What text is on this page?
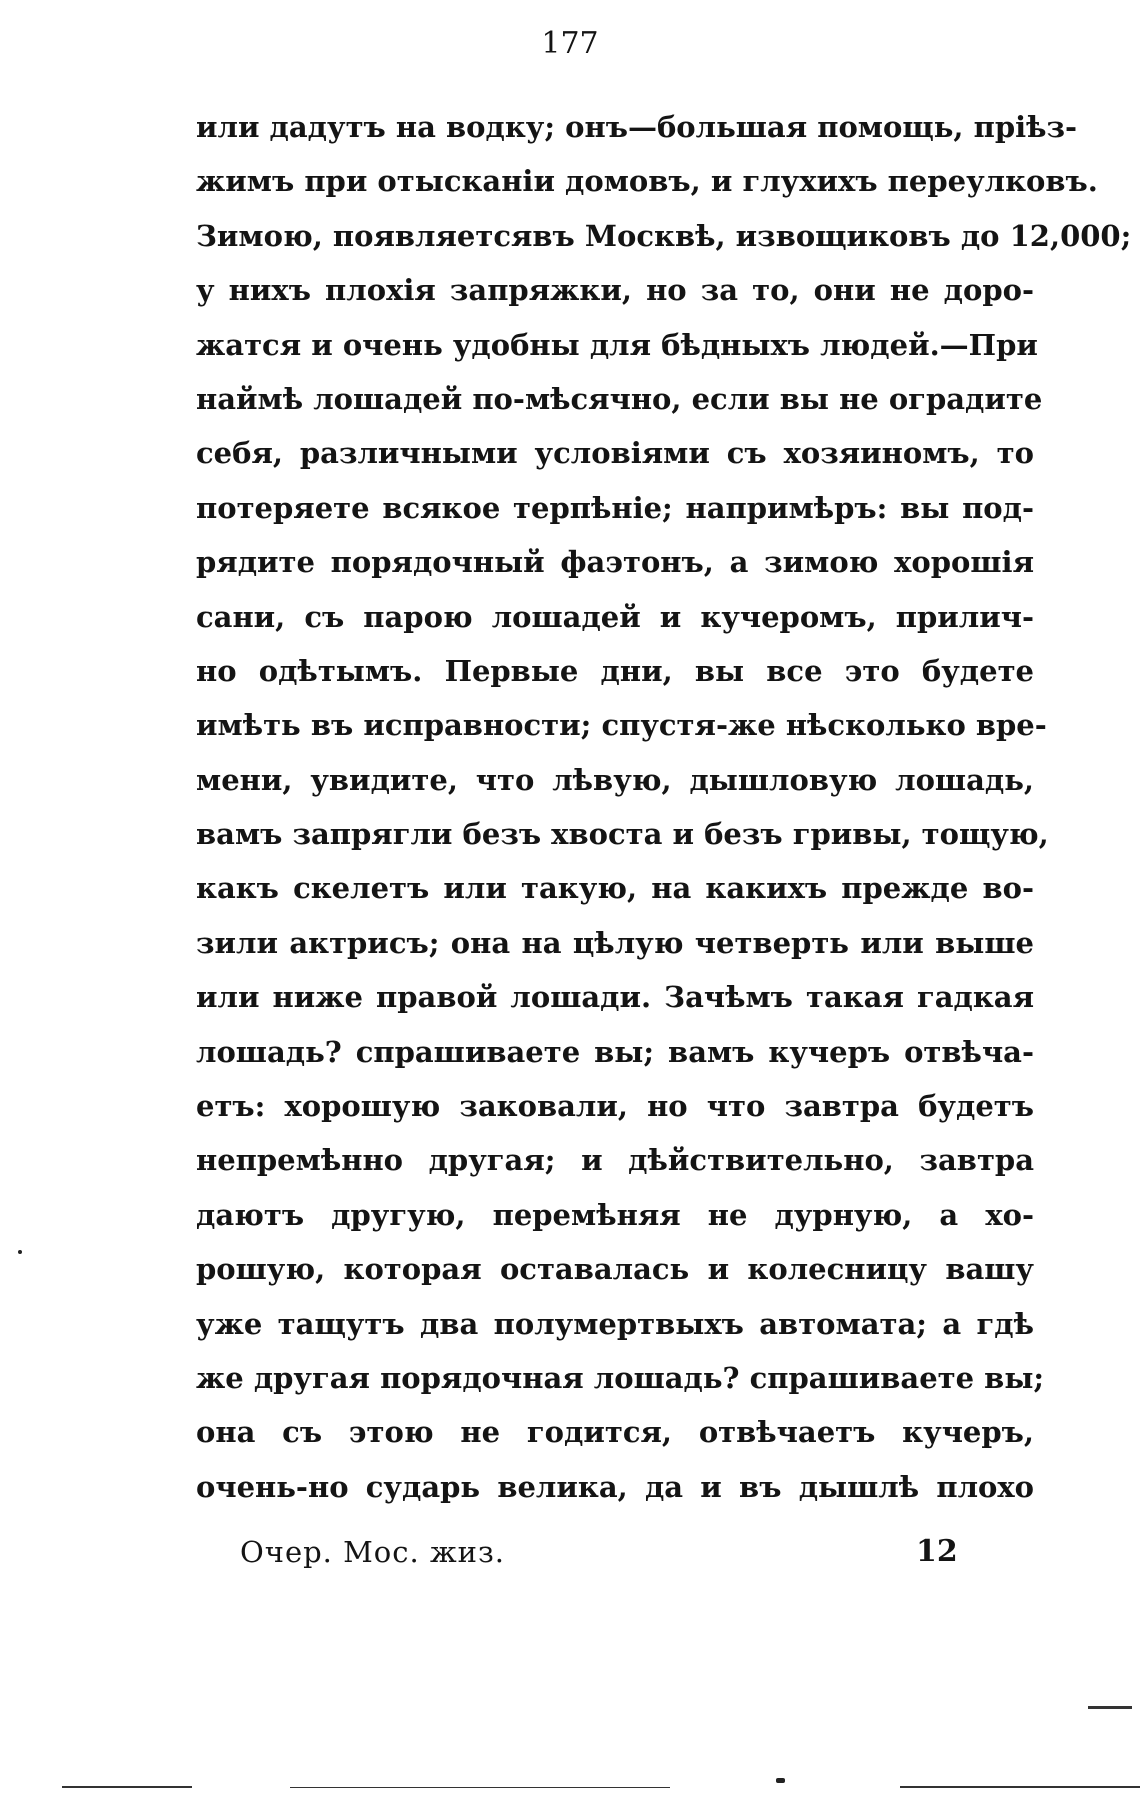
177
или дадутъ на водку; онъ—большая помощь, прiѣз-
жимъ при отысканiи домовъ, и глухихъ переулковъ.
Зимою, появляетсявъ Москвѣ, извощиковъ до 12,000;
у нихъ плохiя запряжки, но за то, они не доро-
жатся и очень удобны для бѣдныхъ людей.—При
наймѣ лошадей по-мѣсячно, если вы не оградите
себя, различными условiями съ хозяиномъ, то
потеряете всякое терпѣнiе; напримѣръ: вы под-
рядите порядочный фаэтонъ, а зимою хорошiя
сани, съ парою лошадей и кучеромъ, прилич-
но одѣтымъ. Первые дни, вы все это будете
имѣть въ исправности; спустя-же нѣсколько вре-
мени, увидите, что лѣвую, дышловую лошадь,
вамъ запрягли безъ хвоста и безъ гривы, тощую,
какъ скелетъ или такую, на какихъ прежде во-
зили актрисъ; она на цѣлую четверть или выше
или ниже правой лошади. Зачѣмъ такая гадкая
лошадь? спрашиваете вы; вамъ кучеръ отвѣча-
етъ: хорошую заковали, но что завтра будетъ
непремѣнно другая; и дѣйствительно, завтра
даютъ другую, перемѣняя не дурную, а хо-
рошую, которая оставалась и колесницу вашу
уже тащутъ два полумертвыхъ автомата; а гдѣ
же другая порядочная лошадь? спрашиваете вы;
она съ этою не годится, отвѣчаетъ кучеръ,
очень-но сударь велика, да и въ дышлѣ плохо
Очер. Мос. жиз.	12
